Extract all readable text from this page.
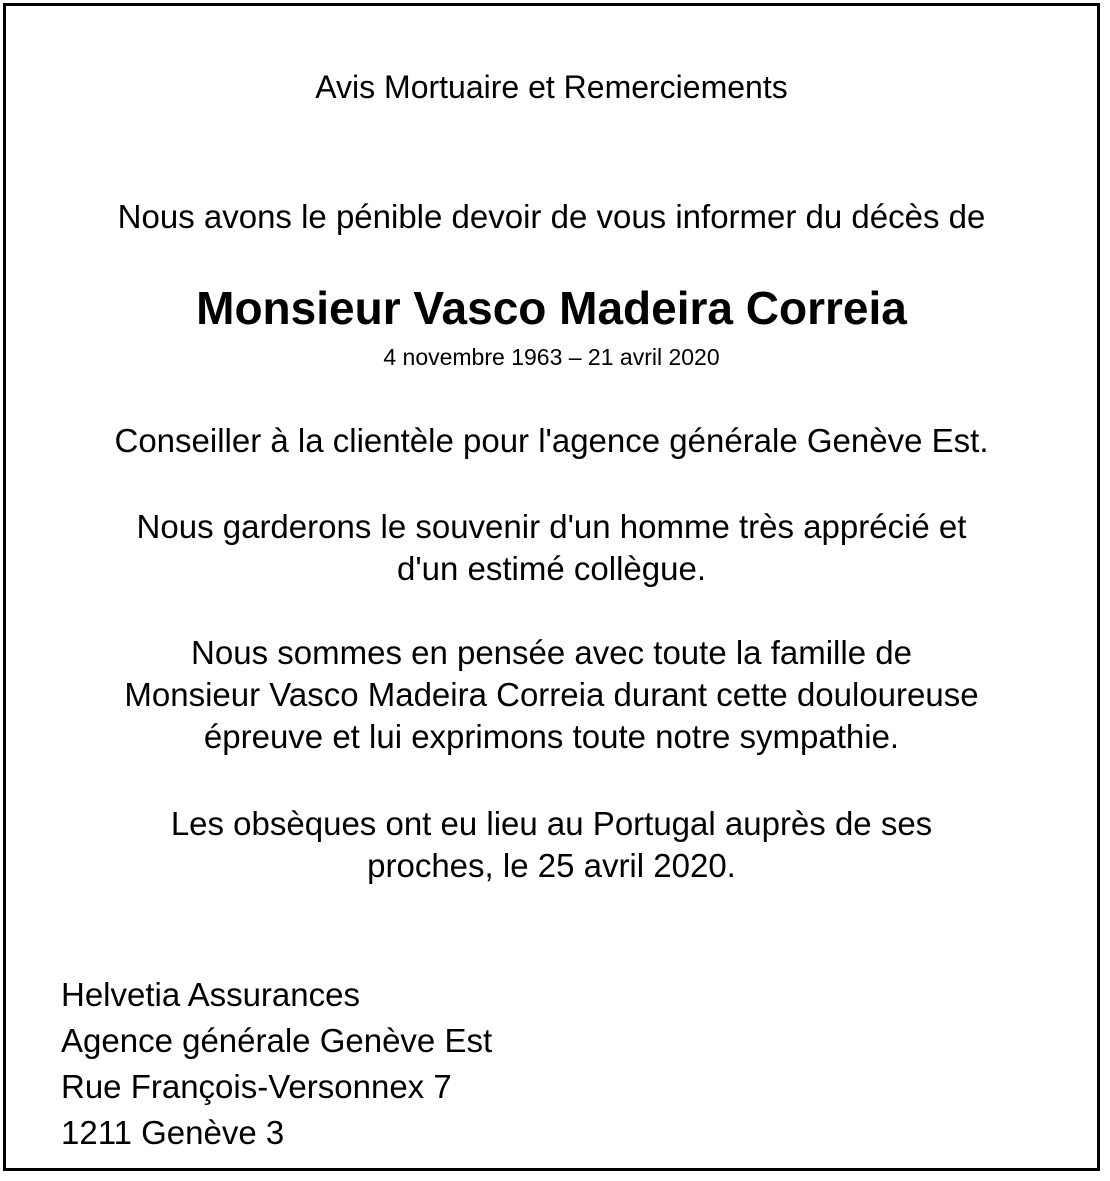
Avis Mortuaire et Remerciements
Nous avons le pénible devoir de vous informer du décès de
Monsieur Vasco Madeira Correia
4 novembre 1963 – 21 avril 2020
Conseiller à la clientèle pour l'agence générale Genève Est.
Nous garderons le souvenir d'un homme très apprécié et
d'un estimé collègue.
Nous sommes en pensée avec toute la famille de
Monsieur Vasco Madeira Correia durant cette douloureuse
épreuve et lui exprimons toute notre sympathie.
Les obsèques ont eu lieu au Portugal auprès de ses
proches, le 25 avril 2020.
Helvetia Assurances
Agence générale Genève Est
Rue François-Versonnex 7
1211 Genève 3
